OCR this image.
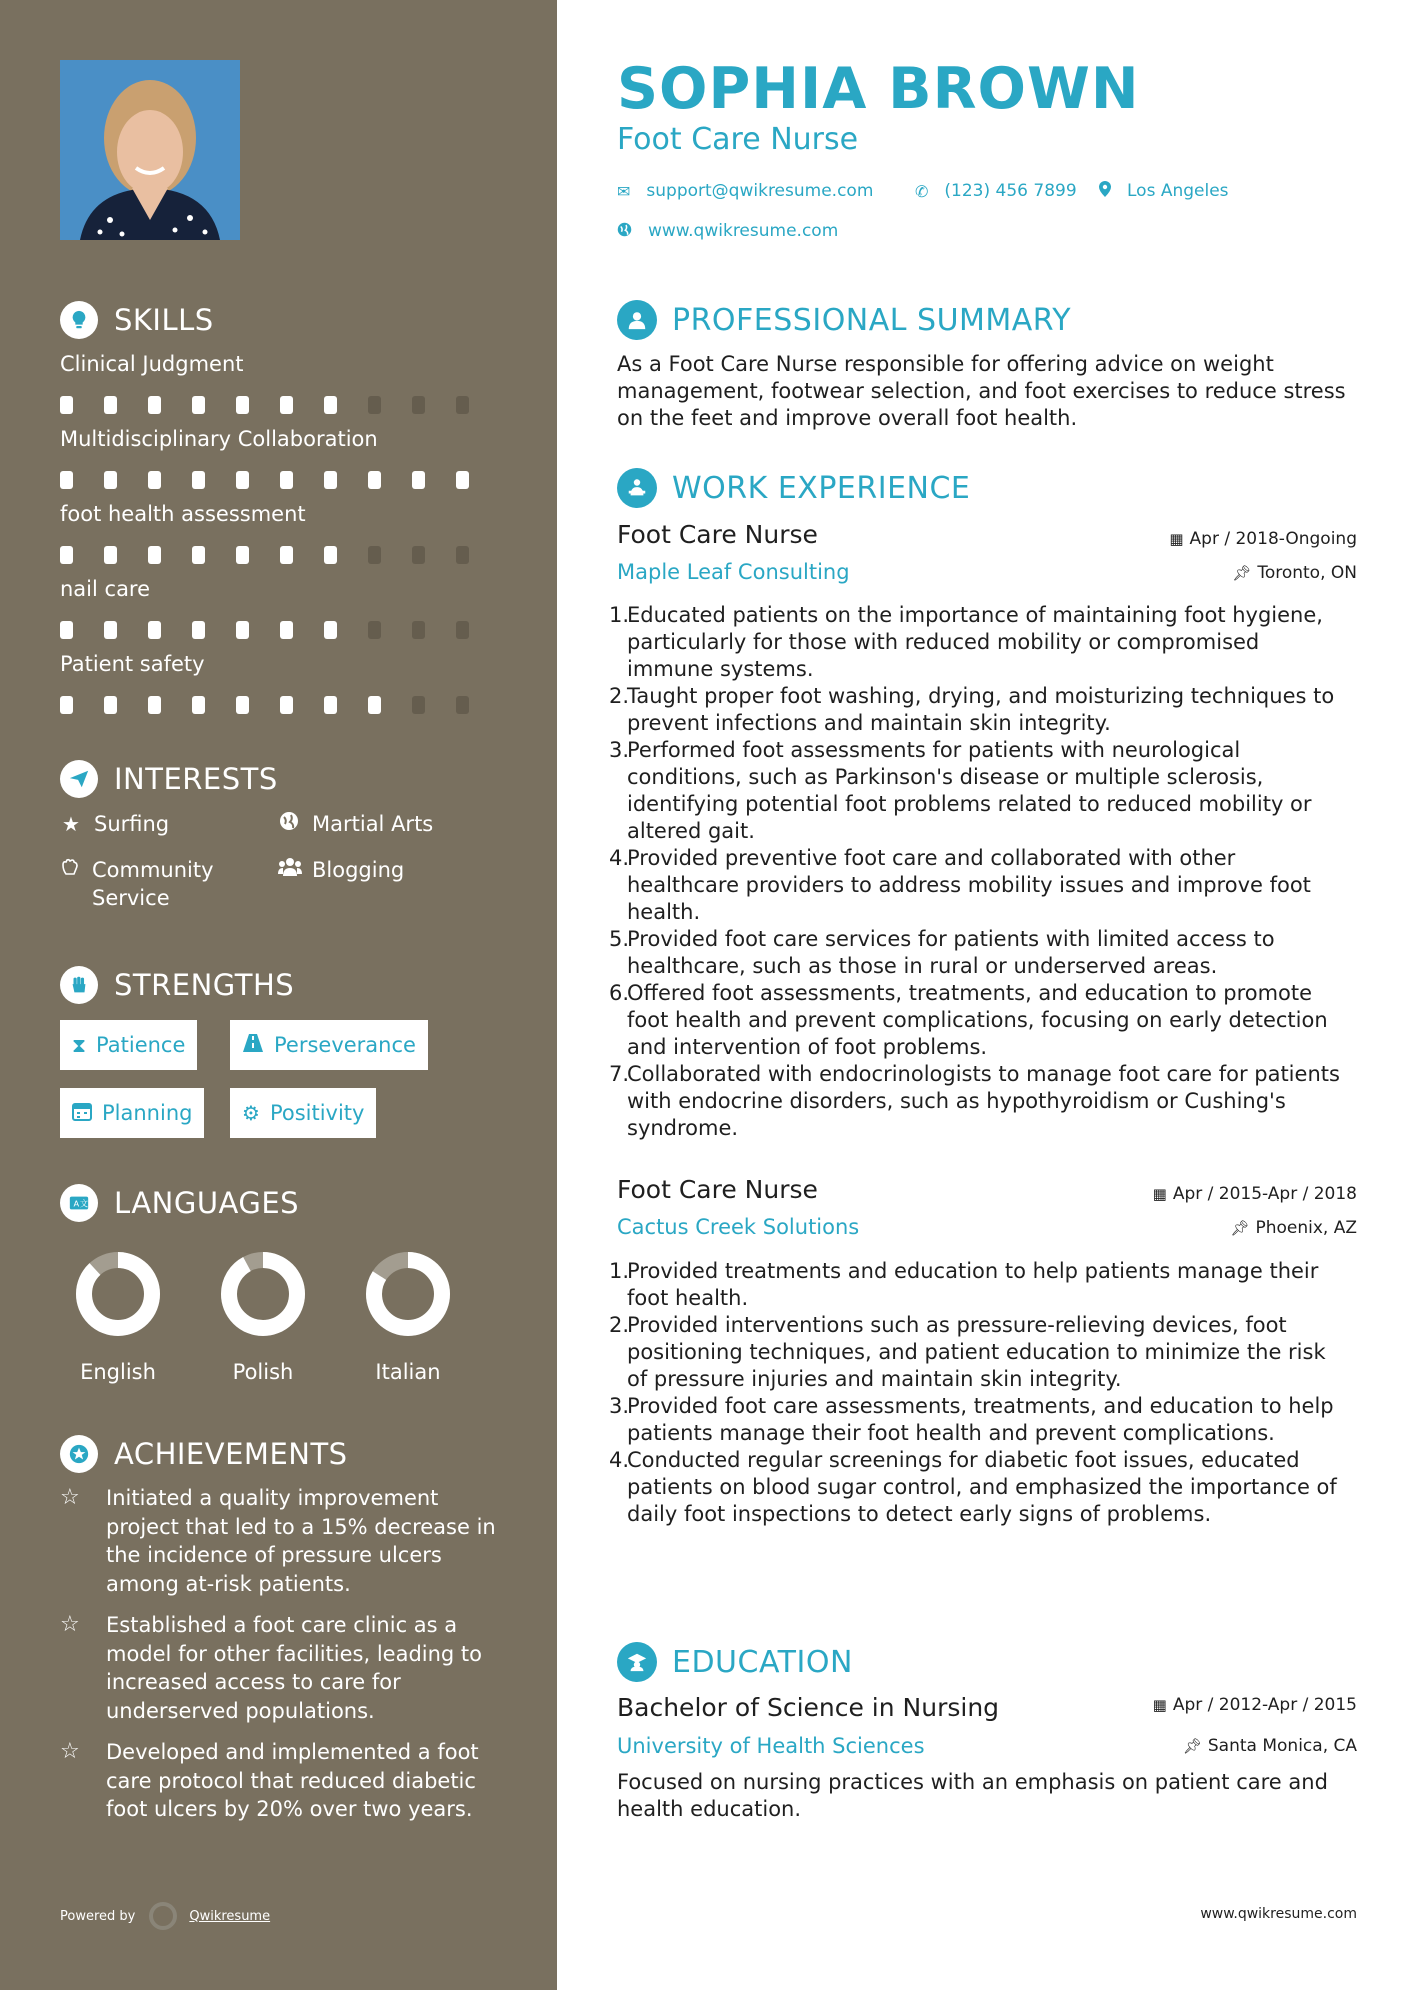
SKILLS
Clinical Judgment
Multidisciplinary Collaboration
foot health assessment
nail care
Patient safety
INTERESTS
★ Surfing	Martial Arts
Community Service
Blogging
STRENGTHS
⧗ Patience	Perseverance
Planning ⚙ Positivity
A 文 LANGUAGES
English	Polish	Italian
ACHIEVEMENTS
☆	Initiated a quality improvement project that led to a 15% decrease in the incidence of pressure ulcers among at-risk patients.
☆	Established a foot care clinic as a model for other facilities, leading to increased access to care for underserved populations.
☆	Developed and implemented a foot care protocol that reduced diabetic foot ulcers by 20% over two years.
Powered by	Qwikresume
SOPHIA BROWN
Foot Care Nurse
✉ support@qwikresume.com	✆ (123) 456 7899	Los Angeles
www.qwikresume.com
PROFESSIONAL SUMMARY
As a Foot Care Nurse responsible for offering advice on weight management, footwear selection, and foot exercises to reduce stress on the feet and improve overall foot health.
WORK EXPERIENCE
Foot Care Nurse	▦ Apr / 2018-Ongoing
Maple Leaf Consulting	📌︎ Toronto, ON
1.
Educated patients on the importance of maintaining foot hygiene, particularly for those with reduced mobility or compromised immune systems.
2.
Taught proper foot washing, drying, and moisturizing techniques to prevent infections and maintain skin integrity.
3.
Performed foot assessments for patients with neurological conditions, such as Parkinson's disease or multiple sclerosis, identifying potential foot problems related to reduced mobility or altered gait.
4.
Provided preventive foot care and collaborated with other healthcare providers to address mobility issues and improve foot health.
5.
Provided foot care services for patients with limited access to healthcare, such as those in rural or underserved areas.
6.
Offered foot assessments, treatments, and education to promote foot health and prevent complications, focusing on early detection and intervention of foot problems.
7.
Collaborated with endocrinologists to manage foot care for patients with endocrine disorders, such as hypothyroidism or Cushing's syndrome.
Foot Care Nurse	▦ Apr / 2015-Apr / 2018
Cactus Creek Solutions	📌︎ Phoenix, AZ
1.
Provided treatments and education to help patients manage their foot health.
2.
Provided interventions such as pressure-relieving devices, foot positioning techniques, and patient education to minimize the risk of pressure injuries and maintain skin integrity.
3.
Provided foot care assessments, treatments, and education to help patients manage their foot health and prevent complications.
4.
Conducted regular screenings for diabetic foot issues, educated patients on blood sugar control, and emphasized the importance of daily foot inspections to detect early signs of problems.
EDUCATION
Bachelor of Science in Nursing	▦ Apr / 2012-Apr / 2015
University of Health Sciences	📌︎ Santa Monica, CA
Focused on nursing practices with an emphasis on patient care and health education.
www.qwikresume.com
